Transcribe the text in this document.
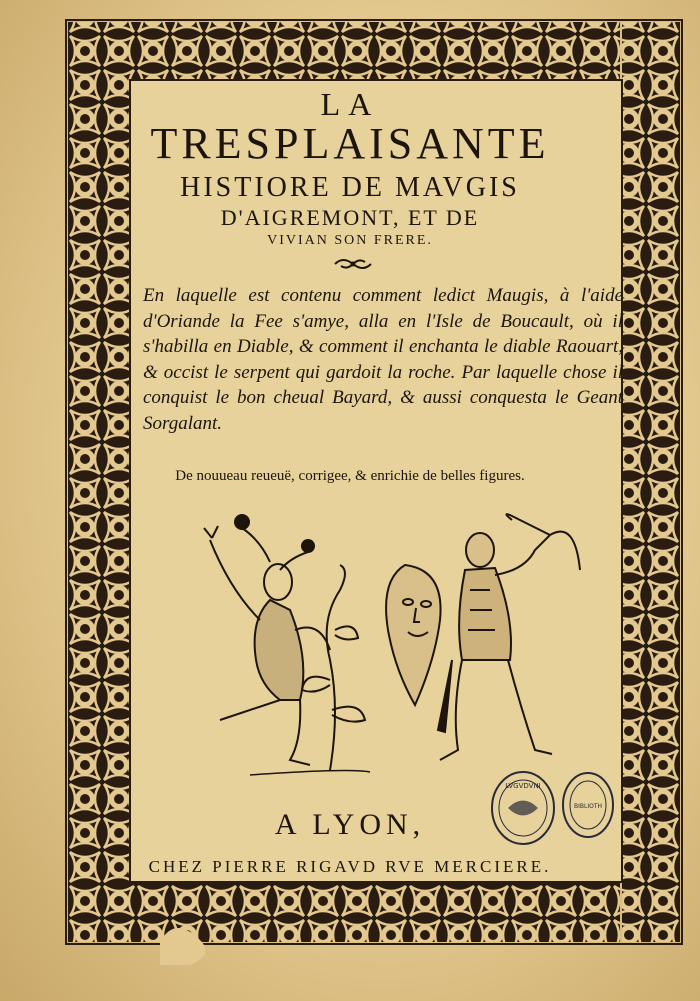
LA
TRESPLAISANTE
HISTIORE DE MAVGIS
D'AIGREMONT, ET DE
VIVIAN SON FRERE.
En laquelle est contenu comment ledict Maugis, à l'aide d'Oriande la Fee s'amye, alla en l'Isle de Boucault, où il s'habilla en Diable, & comment il enchanta le diable Raouart, & occist le serpent qui gardoit la roche. Par laquelle chose il conquist le bon cheual Bayard, & aussi conquesta le Geant Sorgalant.
De nouueau reueuë, corrigee, & enrichie de belles figures.
A LYON,
CHEZ PIERRE RIGAVD RVE MERCIERE.
LVGVDVNI
BIBLIOTH
